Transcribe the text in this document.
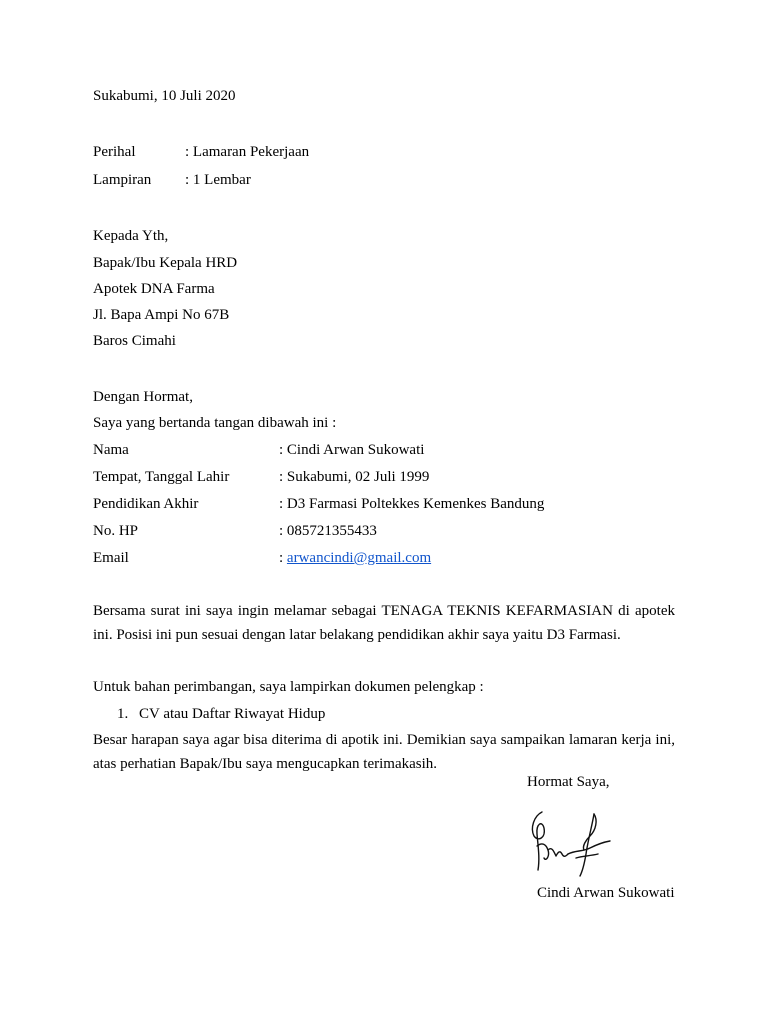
Sukabumi, 10 Juli 2020
Perihal	: Lamaran Pekerjaan
Lampiran : 1 Lembar
Kepada Yth,
Bapak/Ibu Kepala HRD
Apotek DNA Farma
Jl. Bapa Ampi No 67B
Baros Cimahi
Dengan Hormat,
Saya yang bertanda tangan dibawah ini :
Nama	: Cindi Arwan Sukowati
Tempat, Tanggal Lahir	: Sukabumi, 02 Juli 1999
Pendidikan Akhir	: D3 Farmasi Poltekkes Kemenkes Bandung
No. HP	: 085721355433
Email	: arwancindi@gmail.com
Bersama surat ini saya ingin melamar sebagai TENAGA TEKNIS KEFARMASIAN di apotek ini. Posisi ini pun sesuai dengan latar belakang pendidikan akhir saya yaitu D3 Farmasi.
Untuk bahan perimbangan, saya lampirkan dokumen pelengkap :
1. CV atau Daftar Riwayat Hidup
Besar harapan saya agar bisa diterima di apotik ini. Demikian saya sampaikan lamaran kerja ini, atas perhatian Bapak/Ibu saya mengucapkan terimakasih.
Hormat Saya,
Cindi Arwan Sukowati
